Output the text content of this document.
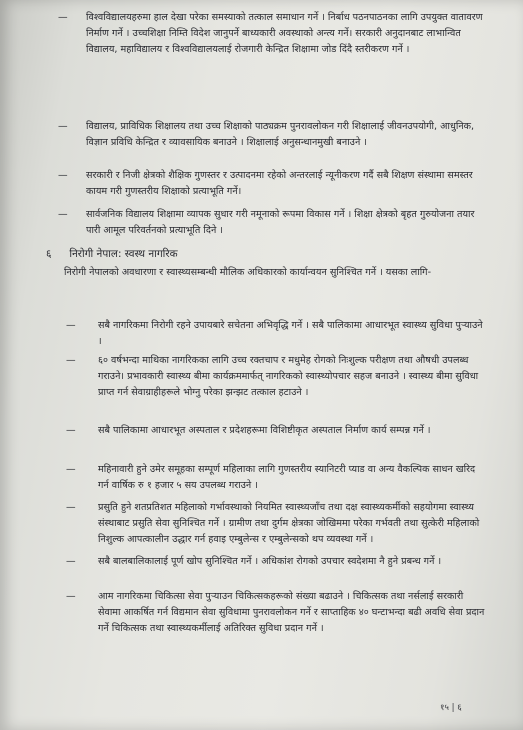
— विश्वविद्यालयहरुमा हाल देखा परेका समस्याको तत्काल समाधान गर्ने । निर्बाध पठनपाठनका लागि उपयुक्त वातावरण निर्माण गर्ने । उच्चशिक्षा निम्ति विदेश जानुपर्ने बाध्यकारी अवस्थाको अन्त्य गर्ने। सरकारी अनुदानबाट लाभान्वित विद्यालय, महाविद्यालय र विश्वविद्यालयलाई रोजगारी केन्द्रित शिक्षामा जोड दिंदै स्तरीकरण गर्ने ।
— विद्यालय, प्राविधिक शिक्षालय तथा उच्च शिक्षाको पाठ्यक्रम पुनरावलोकन गरी शिक्षालाई जीवनउपयोगी, आधुनिक, विज्ञान प्रविधि केन्द्रित र व्यावसायिक बनाउने । शिक्षालाई अनुसन्धानमुखी बनाउने ।
— सरकारी र निजी क्षेत्रको शैक्षिक गुणस्तर र उत्पादनमा रहेको अन्तरलाई न्यूनीकरण गर्दै सबै शिक्षण संस्थामा समस्तर कायम गरी गुणस्तरीय शिक्षाको प्रत्याभूति गर्ने।
— सार्वजनिक विद्यालय शिक्षामा व्यापक सुधार गरी नमूनाको रूपमा विकास गर्ने । शिक्षा क्षेत्रको बृहत गुरुयोजना तयार पारी आमूल परिवर्तनको प्रत्याभूति दिने ।
६ निरोगी नेपाल: स्वस्थ नागरिक
निरोगी नेपालको अवधारणा र स्वास्थ्यसम्बन्धी मौलिक अधिकारको कार्यान्वयन सुनिश्चित गर्ने । यसका लागि-
— सबै नागरिकमा निरोगी रहने उपायबारे सचेतना अभिवृद्धि गर्ने । सबै पालिकामा आधारभूत स्वास्थ्य सुविधा पुऱ्याउने ।
— ६० वर्षभन्दा माथिका नागरिकका लागि उच्च रक्तचाप र मधुमेह रोगको निःशुल्क परीक्षण तथा औषधी उपलब्ध गराउने। प्रभावकारी स्वास्थ्य बीमा कार्यक्रममार्फत् नागरिकको स्वास्थ्योपचार सहज बनाउने । स्वास्थ्य बीमा सुविधा प्राप्त गर्न सेवाग्राहीहरूले भोग्नु परेका झन्झट तत्काल हटाउने ।
— सबै पालिकामा आधारभूत अस्पताल र प्रदेशहरूमा विशिष्टीकृत अस्पताल निर्माण कार्य सम्पन्न गर्ने ।
— महिनावारी हुने उमेर समूहका सम्पूर्ण महिलाका लागि गुणस्तरीय स्यानिटरी प्याड वा अन्य वैकल्पिक साधन खरिद गर्न वार्षिक रु १ हजार ५ सय उपलब्ध गराउने ।
— प्रसुति हुने शतप्रतिशत महिलाको गर्भावस्थाको नियमित स्वास्थ्यजाँच तथा दक्ष स्वास्थ्यकर्मीको सहयोगमा स्वास्थ्य संस्थाबाट प्रसुति सेवा सुनिश्चित गर्ने । ग्रामीण तथा दुर्गम क्षेत्रका जोखिममा परेका गर्भवती तथा सुत्केरी महिलाको निशुल्क आपत्कालीन उद्धार गर्न हवाइ एम्बुलेन्स र एम्बुलेन्सको थप व्यवस्था गर्ने ।
— सबै बालबालिकालाई पूर्ण खोप सुनिश्चित गर्ने । अधिकांश रोगको उपचार स्वदेशमा नै हुने प्रबन्ध गर्ने ।
— आम नागरिकमा चिकित्सा सेवा पुऱ्याउन चिकित्सकहरूको संख्या बढाउने । चिकित्सक तथा नर्सलाई सरकारी सेवामा आकर्षित गर्न विद्यमान सेवा सुविधामा पुनरावलोकन गर्ने र साप्ताहिक ४० घन्टाभन्दा बढी अवधि सेवा प्रदान गर्ने चिकित्सक तथा स्वास्थ्यकर्मीलाई अतिरिक्त सुविधा प्रदान गर्ने ।
१५ | ६
